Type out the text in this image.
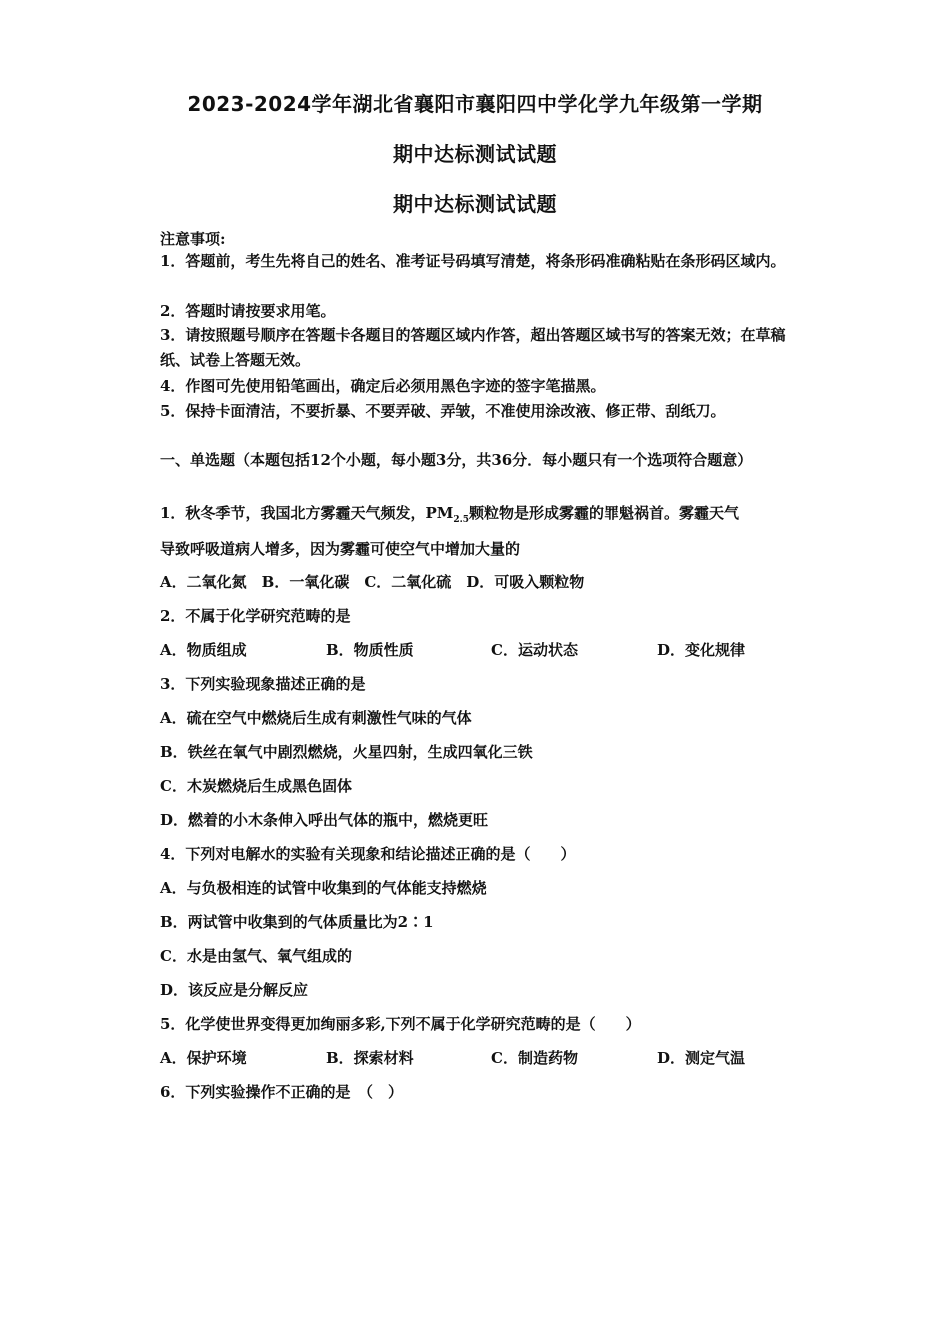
2023-2024学年湖北省襄阳市襄阳四中学化学九年级第一学期
期中达标测试试题
期中达标测试试题
注意事项:
1．答题前，考生先将自己的姓名、准考证号码填写清楚，将条形码准确粘贴在条形码区域内。
2．答题时请按要求用笔。
3．请按照题号顺序在答题卡各题目的答题区域内作答，超出答题区域书写的答案无效；在草稿纸、试卷上答题无效。
4．作图可先使用铅笔画出，确定后必须用黑色字迹的签字笔描黑。
5．保持卡面清洁，不要折暴、不要弄破、弄皱，不准使用涂改液、修正带、刮纸刀。
一、单选题（本题包括12个小题，每小题3分，共36分．每小题只有一个选项符合题意）
1．秋冬季节，我国北方雾霾天气频发，$PM_{2.5}$颗粒物是形成雾霾的罪魁祸首。雾霾天气
导致呼吸道病人增多，因为雾霾可使空气中增加大量的
A．二氧化氮　B．一氧化碳　C．二氧化硫　D．可吸入颗粒物
2．不属于化学研究范畴的是
A．物质组成	B．物质性质	C．运动状态	D．变化规律
3．下列实验现象描述正确的是
A．硫在空气中燃烧后生成有刺激性气味的气体
B．铁丝在氧气中剧烈燃烧，火星四射，生成四氧化三铁
C．木炭燃烧后生成黑色固体
D．燃着的小木条伸入呼出气体的瓶中，燃烧更旺
4．下列对电解水的实验有关现象和结论描述正确的是（　　）
A．与负极相连的试管中收集到的气体能支持燃烧
B．两试管中收集到的气体质量比为2∶1
C．水是由氢气、氧气组成的
D．该反应是分解反应
5．化学使世界变得更加绚丽多彩,下列不属于化学研究范畴的是（　　）
A．保护环境	B．探索材料	C．制造药物	D．测定气温
6．下列实验操作不正确的是　（　）
